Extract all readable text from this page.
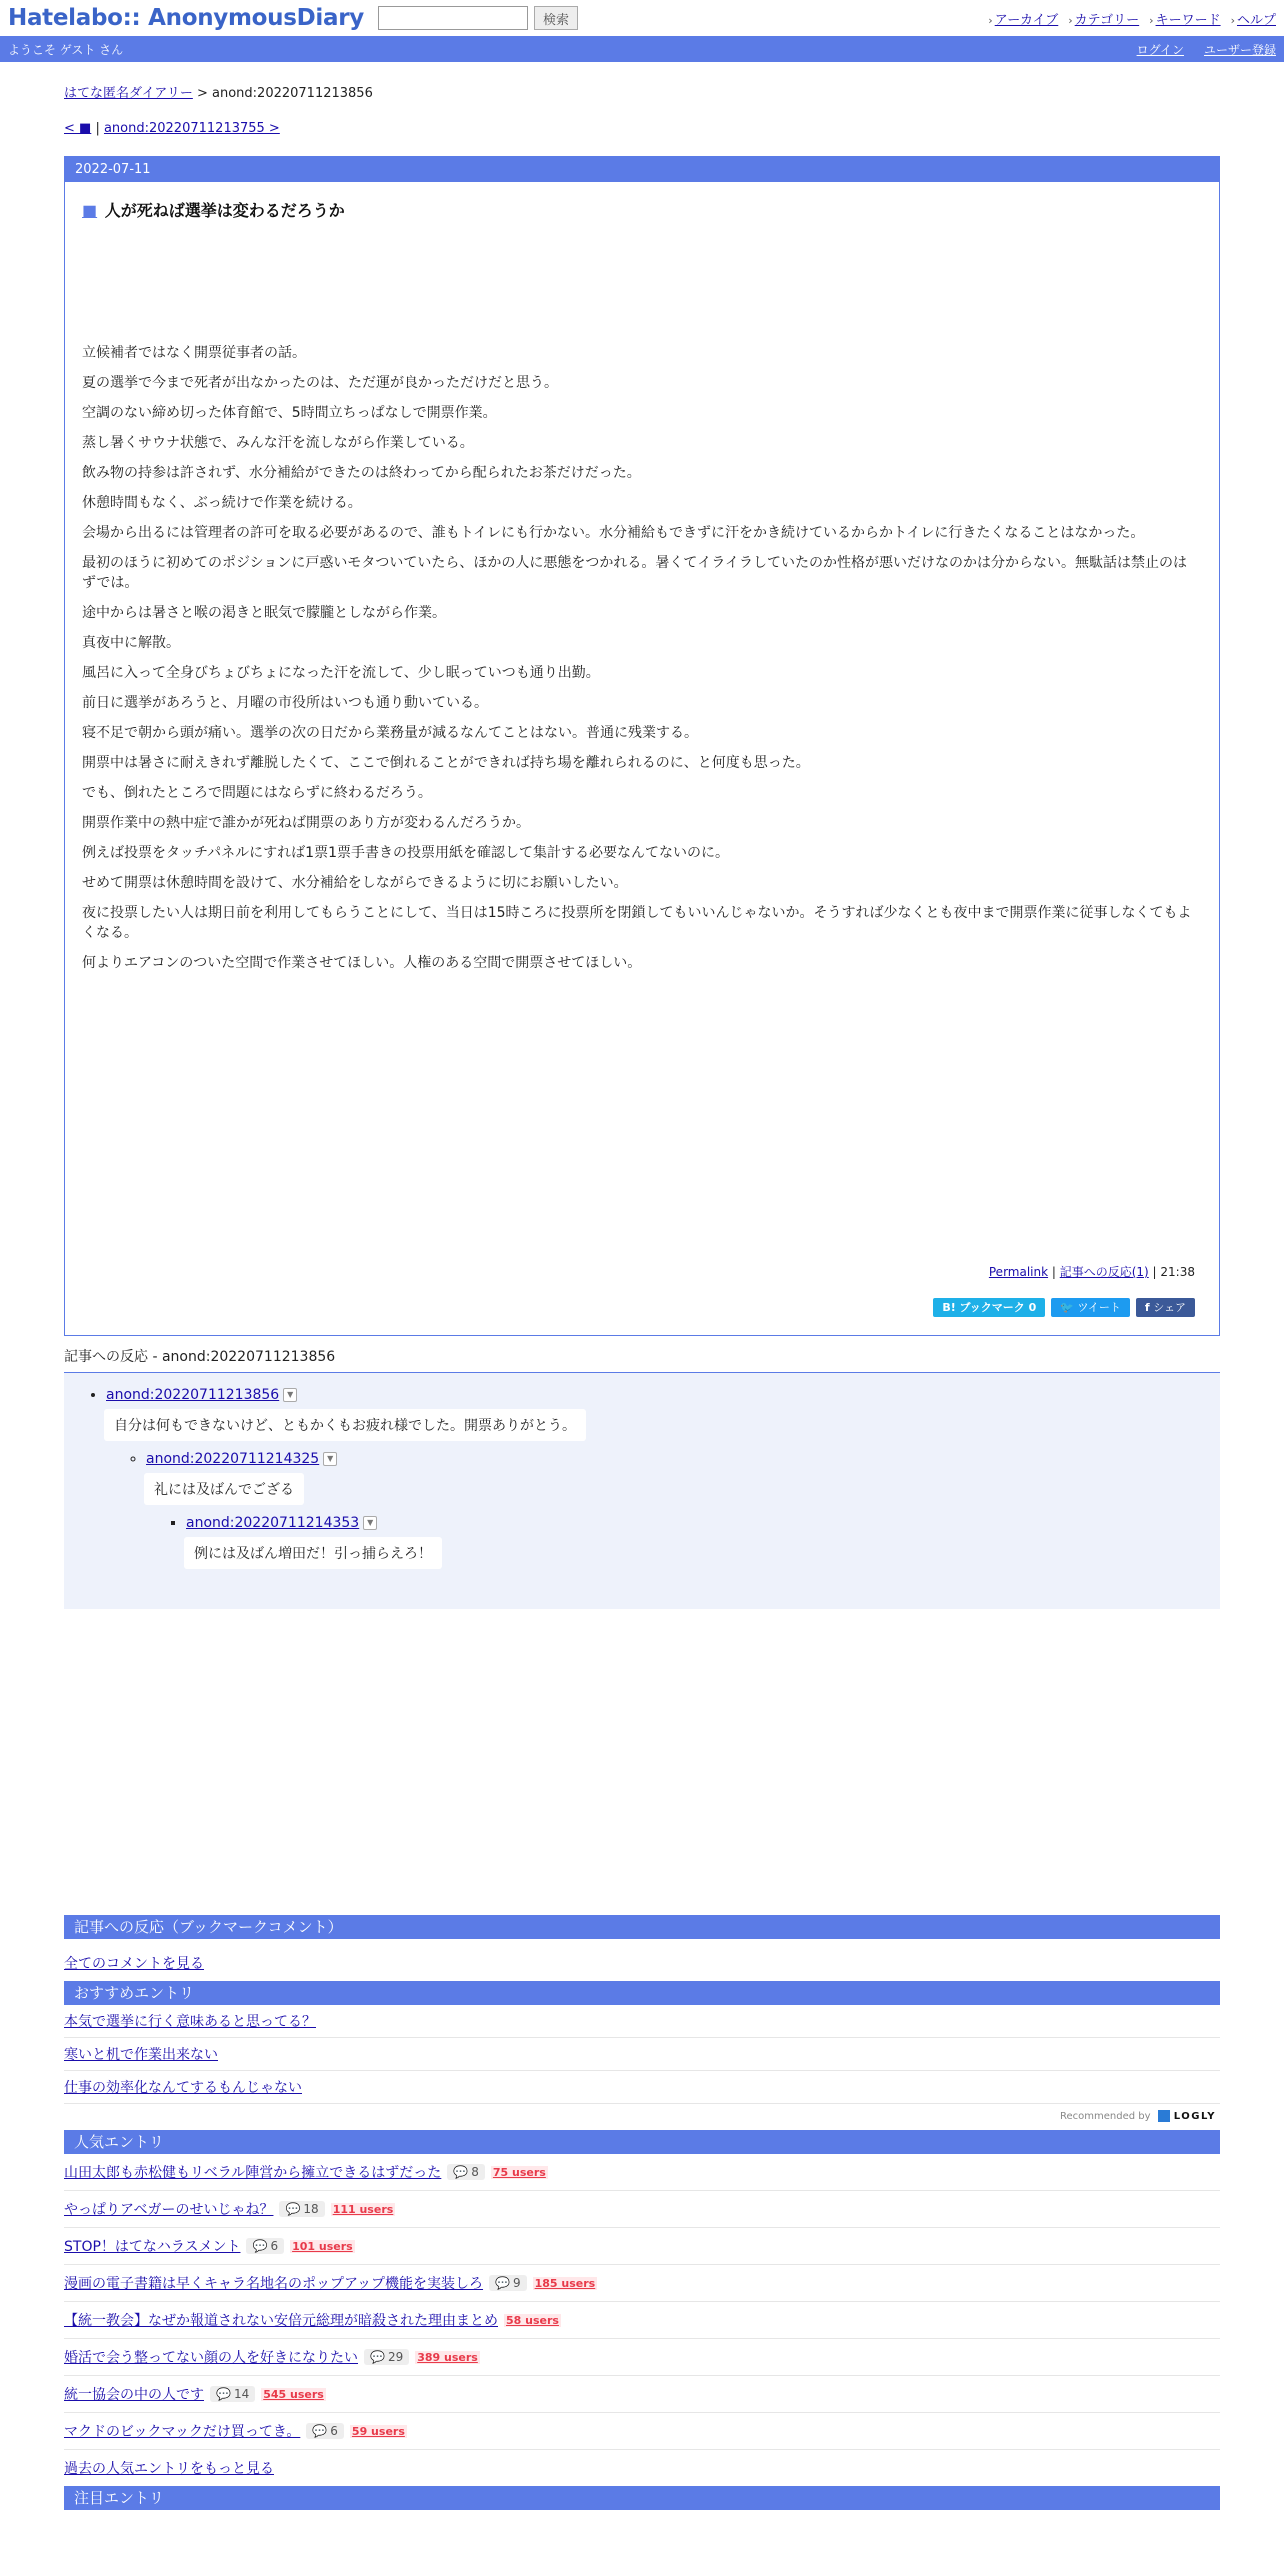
Hatelabo:: AnonymousDiary	検索	› アーカイブ › カテゴリー › キーワード › ヘルプ
ようこそ ゲスト さん	ログイン ユーザー登録
はてな匿名ダイアリー > anond:20220711213856
< ■ | anond:20220711213755 >
2022-07-11
■ 人が死ねば選挙は変わるだろうか

立候補者ではなく開票従事者の話。

夏の選挙で今まで死者が出なかったのは、ただ運が良かっただけだと思う。

空調のない締め切った体育館で、5時間立ちっぱなしで開票作業。

蒸し暑くサウナ状態で、みんな汗を流しながら作業している。

飲み物の持参は許されず、水分補給ができたのは終わってから配られたお茶だけだった。

休憩時間もなく、ぶっ続けで作業を続ける。

会場から出るには管理者の許可を取る必要があるので、誰もトイレにも行かない。水分補給もできずに汗をかき続けているからかトイレに行きたくなることはなかった。

最初のほうに初めてのポジションに戸惑いモタついていたら、ほかの人に悪態をつかれる。暑くてイライラしていたのか性格が悪いだけなのかは分からない。無駄話は禁止のはずでは。

途中からは暑さと喉の渇きと眠気で朦朧としながら作業。

真夜中に解散。

風呂に入って全身びちょびちょになった汗を流して、少し眠っていつも通り出勤。

前日に選挙があろうと、月曜の市役所はいつも通り動いている。

寝不足で朝から頭が痛い。選挙の次の日だから業務量が減るなんてことはない。普通に残業する。

開票中は暑さに耐えきれず離脱したくて、ここで倒れることができれば持ち場を離れられるのに、と何度も思った。

でも、倒れたところで問題にはならずに終わるだろう。

開票作業中の熱中症で誰かが死ねば開票のあり方が変わるんだろうか。

例えば投票をタッチパネルにすれば1票1票手書きの投票用紙を確認して集計する必要なんてないのに。

せめて開票は休憩時間を設けて、水分補給をしながらできるように切にお願いしたい。

夜に投票したい人は期日前を利用してもらうことにして、当日は15時ころに投票所を閉鎖してもいいんじゃないか。そうすれば少なくとも夜中まで開票作業に従事しなくてもよくなる。

何よりエアコンのついた空間で作業させてほしい。人権のある空間で開票させてほしい。

Permalink | 記事への反応(1) | 21:38
B! ブックマーク 0	🐦 ツイート	f シェア
記事への反応 - anond:20220711213856
• anond:20220711213856 ▼
自分は何もできないけど、ともかくもお疲れ様でした。開票ありがとう。
◦ anond:20220711214325 ▼
礼には及ばんでござる
▪ anond:20220711214353 ▼
例には及ばん増田だ！引っ捕らえろ！
記事への反応（ブックマークコメント）
全てのコメントを見る
おすすめエントリ
本気で選挙に行く意味あると思ってる？
寒いと机で作業出来ない
仕事の効率化なんてするもんじゃない
Recommended by LOGLY
人気エントリ
山田太郎も赤松健もリベラル陣営から擁立できるはずだった 💬 8 75 users
やっぱりアベガーのせいじゃね？ 💬 18 111 users
STOP！はてなハラスメント 💬 6 101 users
漫画の電子書籍は早くキャラ名地名のポップアップ機能を実装しろ 💬 9 185 users
【統一教会】なぜか報道されない安倍元総理が暗殺された理由まとめ 58 users
婚活で会う整ってない顔の人を好きになりたい 💬 29 389 users
統一協会の中の人です 💬 14 545 users
マクドのビックマックだけ買ってき。 💬 6 59 users
過去の人気エントリをもっと見る
注目エントリ
